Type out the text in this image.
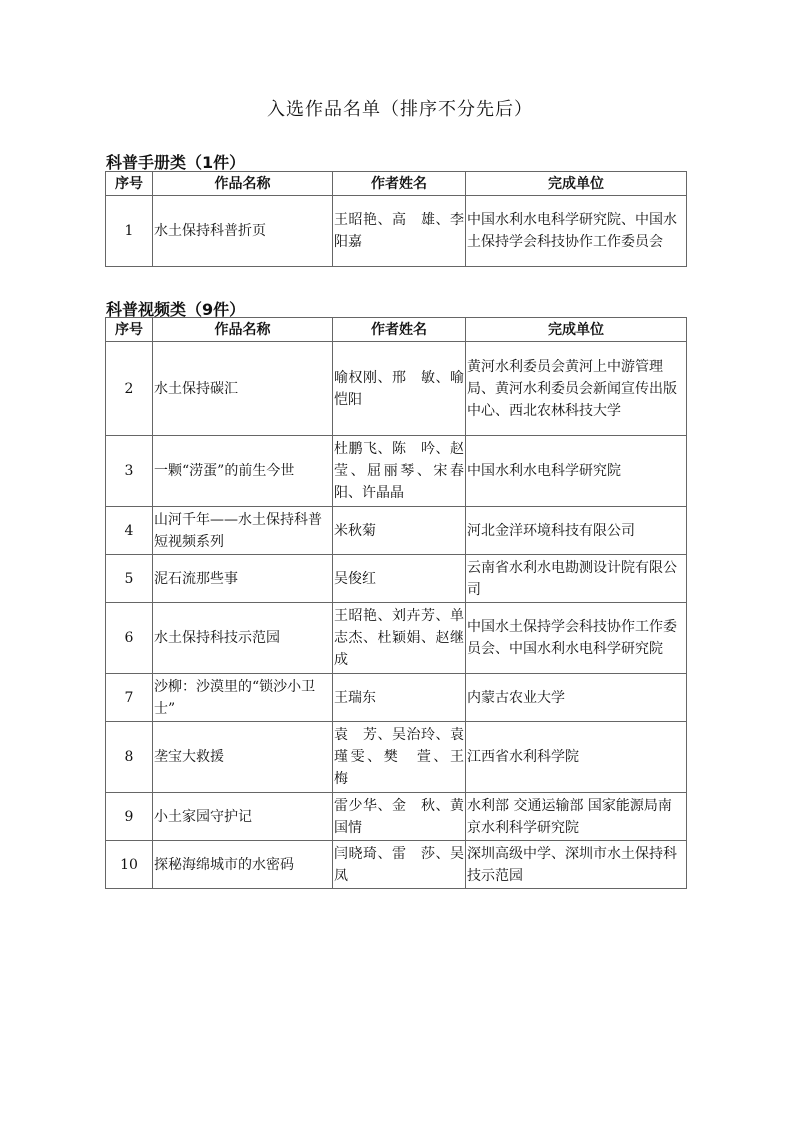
入选作品名单（排序不分先后）
科普手册类（1件）
序号	作品名称	作者姓名	完成单位
1	水土保持科普折页	王昭艳、高　雄、李阳嘉	中国水利水电科学研究院、中国水土保持学会科技协作工作委员会
科普视频类（9件）
序号	作品名称	作者姓名	完成单位
2	水土保持碳汇	喻权刚、邢　敏、喻恺阳	黄河水利委员会黄河上中游管理局、黄河水利委员会新闻宣传出版中心、西北农林科技大学
3	一颗“涝蛋”的前生今世	杜鹏飞、陈　吟、赵　莹、屈丽琴、宋春阳、许晶晶	中国水利水电科学研究院
4	山河千年——水土保持科普短视频系列	米秋菊	河北金洋环境科技有限公司
5	泥石流那些事	吴俊红	云南省水利水电勘测设计院有限公司
6	水土保持科技示范园	王昭艳、刘卉芳、单志杰、杜颖娟、赵继成	中国水土保持学会科技协作工作委员会、中国水利水电科学研究院
7	沙柳：沙漠里的“锁沙小卫士”	王瑞东	内蒙古农业大学
8	垄宝大救援	袁　芳、吴治玲、袁瑾雯、樊　萱、王　梅	江西省水利科学院
9	小土家园守护记	雷少华、金　秋、黄国情	水利部 交通运输部 国家能源局南京水利科学研究院
10	探秘海绵城市的水密码	闫晓琦、雷　莎、吴　凤	深圳高级中学、深圳市水土保持科技示范园
